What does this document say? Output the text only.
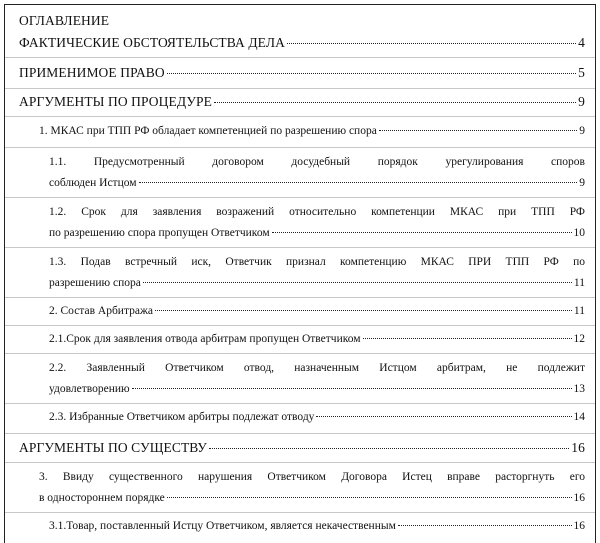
ОГЛАВЛЕНИЕ
ФАКТИЧЕСКИЕ ОБСТОЯТЕЛЬСТВА ДЕЛА	4
ПРИМЕНИМОЕ ПРАВО	5
АРГУМЕНТЫ ПО ПРОЦЕДУРЕ	9
1. МКАС при ТПП РФ обладает компетенцией по разрешению спора	9
1.1. Предусмотренный договором досудебный порядок урегулирования споров
соблюден Истцом	9
1.2. Срок для заявления возражений относительно компетенции МКАС при ТПП РФ
по разрешению спора пропущен Ответчиком	10
1.3. Подав встречный иск, Ответчик признал компетенцию МКАС ПРИ ТПП РФ по
разрешению спора	11
2. Состав Арбитража	11
2.1.Срок для заявления отвода арбитрам пропущен Ответчиком	12
2.2. Заявленный Ответчиком отвод, назначенным Истцом арбитрам, не подлежит
удовлетворению	13
2.3. Избранные Ответчиком арбитры подлежат отводу	14
АРГУМЕНТЫ ПО СУЩЕСТВУ	16
3. Ввиду существенного нарушения Ответчиком Договора Истец вправе расторгнуть его
в одностороннем порядке	16
3.1.Товар, поставленный Истцу Ответчиком, является некачественным	16
